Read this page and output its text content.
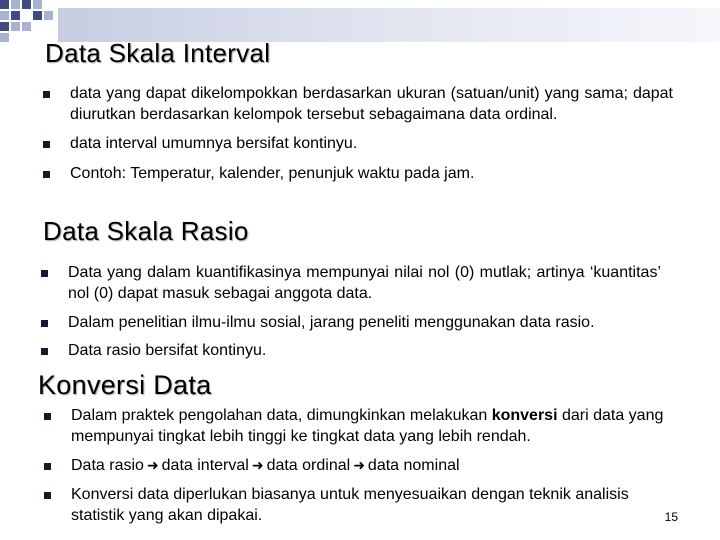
Data Skala Interval
data yang dapat dikelompokkan berdasarkan ukuran (satuan/unit) yang sama; dapat diurutkan berdasarkan kelompok tersebut sebagaimana data ordinal.
data interval umumnya bersifat kontinyu.
Contoh: Temperatur, kalender, penunjuk waktu pada jam.
Data Skala Rasio
Data yang dalam kuantifikasinya mempunyai nilai nol (0) mutlak; artinya ‘kuantitas’ nol (0) dapat masuk sebagai anggota data.
Dalam penelitian ilmu-ilmu sosial, jarang peneliti menggunakan data rasio.
Data rasio bersifat kontinyu.
Konversi Data
Dalam praktek pengolahan data, dimungkinkan melakukan konversi dari data yang mempunyai tingkat lebih tinggi ke tingkat data yang lebih rendah.
Data rasio ➜ data interval ➜ data ordinal ➜ data nominal
Konversi data diperlukan biasanya untuk menyesuaikan dengan teknik analisis statistik yang akan dipakai.	15
